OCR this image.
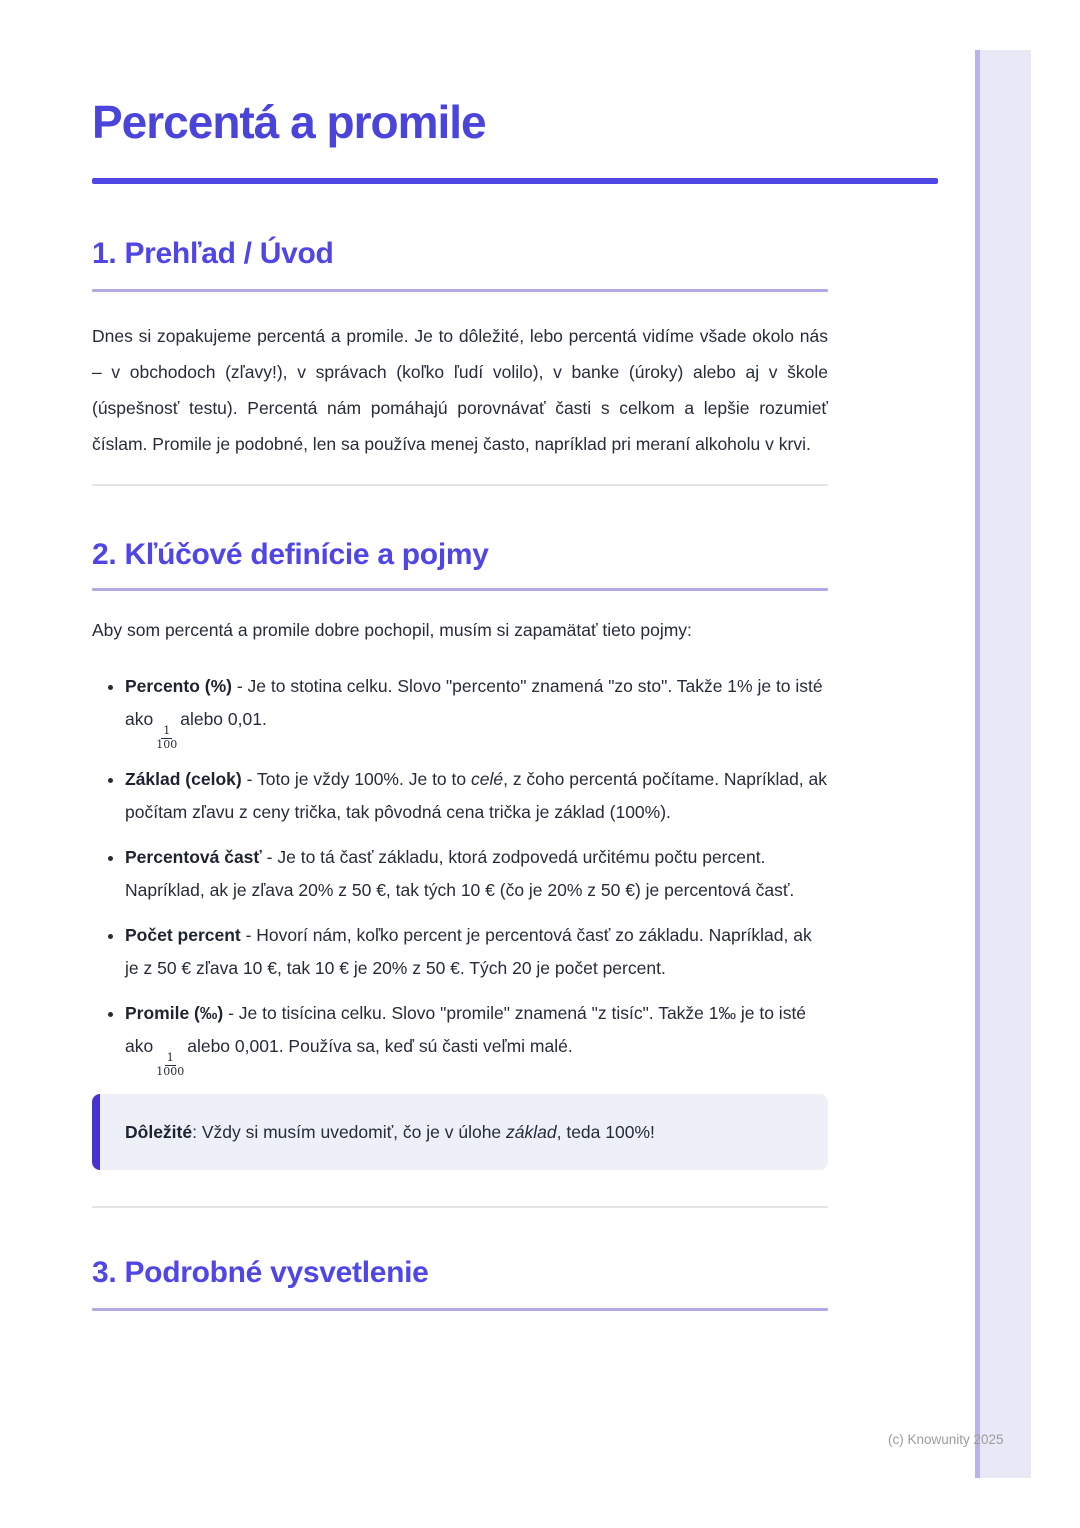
Percentá a promile
1. Prehľad / Úvod

Dnes si zopakujeme percentá a promile. Je to dôležité, lebo percentá vidíme všade okolo nás – v obchodoch (zľavy!), v správach (koľko ľudí volilo), v banke (úroky) alebo aj v škole (úspešnosť testu). Percentá nám pomáhajú porovnávať časti s celkom a lepšie rozumieť číslam. Promile je podobné, len sa používa menej často, napríklad pri meraní alkoholu v krvi.

2. Kľúčové definície a pojmy

Aby som percentá a promile dobre pochopil, musím si zapamätať tieto pojmy:

• Percento (%) - Je to stotina celku. Slovo "percento" znamená "zo sto". Takže 1% je to isté ako
$\frac{1}{100}$
alebo 0,01.
• Základ (celok) - Toto je vždy 100%. Je to to celé, z čoho percentá počítame. Napríklad, ak počítam zľavu z ceny trička, tak pôvodná cena trička je základ (100%).
• Percentová časť - Je to tá časť základu, ktorá zodpovedá určitému počtu percent. Napríklad, ak je zľava 20% z 50 €, tak tých 10 € (čo je 20% z 50 €) je percentová časť.
• Počet percent - Hovorí nám, koľko percent je percentová časť zo základu. Napríklad, ak je z 50 € zľava 10 €, tak 10 € je 20% z 50 €. Tých 20 je počet percent.
• Promile (‰) - Je to tisícina celku. Slovo "promile" znamená "z tisíc". Takže 1‰ je to isté ako
$\frac{1}{1000}$
alebo 0,001. Používa sa, keď sú časti veľmi malé.
Dôležité: Vždy si musím uvedomiť, čo je v úlohe základ, teda 100%!
3. Podrobné vysvetlenie
(c) Knowunity 2025
